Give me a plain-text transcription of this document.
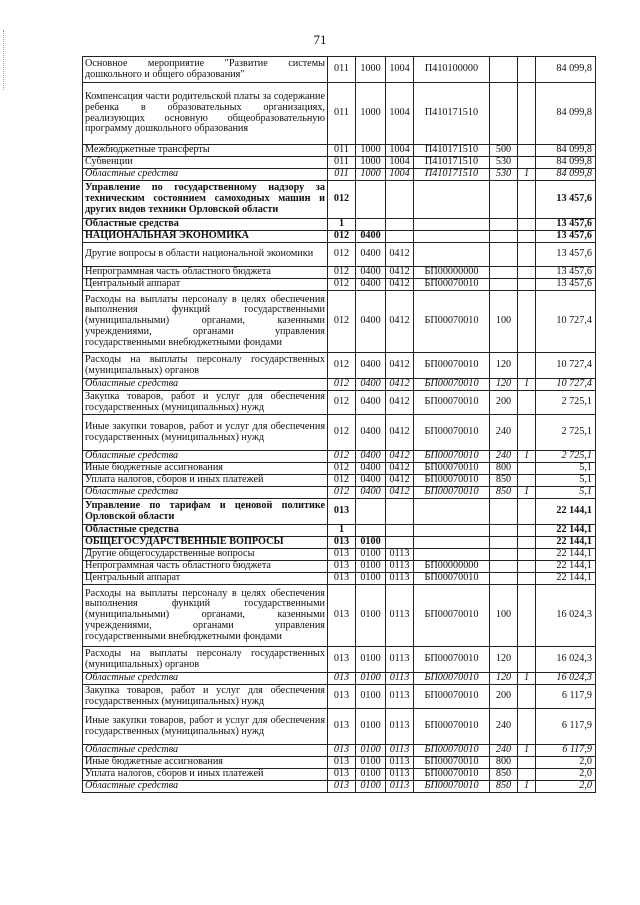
71
Основное мероприятие "Развитие системы дошкольного и общего образования"	011	1000	1004	П410100000			84 099,8
Компенсация части родительской платы за содержание ребенка в образовательных организациях, реализующих основную общеобразовательную программу дошкольного образования	011	1000	1004	П410171510			84 099,8
Межбюджетные трансферты	011	1000	1004	П410171510	500		84 099,8
Субвенции	011	1000	1004	П410171510	530		84 099,8
Областные средства	011	1000	1004	П410171510	530	1	84 099,8
Управление по государственному надзору за техническим состоянием самоходных машин и других видов техники Орловской области	012						13 457,6
Областные средства	1						13 457,6
НАЦИОНАЛЬНАЯ ЭКОНОМИКА	012	0400					13 457,6
Другие вопросы в области национальной экономики	012	0400	0412				13 457,6
Непрограммная часть областного бюджета	012	0400	0412	БП00000000			13 457,6
Центральный аппарат	012	0400	0412	БП00070010			13 457,6
Расходы на выплаты персоналу в целях обеспечения выполнения функций государственными (муниципальными) органами, казенными учреждениями, органами управления государственными внебюджетными фондами	012	0400	0412	БП00070010	100		10 727,4
Расходы на выплаты персоналу государственных (муниципальных) органов	012	0400	0412	БП00070010	120		10 727,4
Областные средства	012	0400	0412	БП00070010	120	1	10 727,4
Закупка товаров, работ и услуг для обеспечения государственных (муниципальных) нужд	012	0400	0412	БП00070010	200		2 725,1
Иные закупки товаров, работ и услуг для обеспечения государственных (муниципальных) нужд	012	0400	0412	БП00070010	240		2 725,1
Областные средства	012	0400	0412	БП00070010	240	1	2 725,1
Иные бюджетные ассигнования	012	0400	0412	БП00070010	800		5,1
Уплата налогов, сборов и иных платежей	012	0400	0412	БП00070010	850		5,1
Областные средства	012	0400	0412	БП00070010	850	1	5,1
Управление по тарифам и ценовой политике Орловской области	013						22 144,1
Областные средства	1						22 144,1
ОБЩЕГОСУДАРСТВЕННЫЕ ВОПРОСЫ	013	0100					22 144,1
Другие общегосударственные вопросы	013	0100	0113				22 144,1
Непрограммная часть областного бюджета	013	0100	0113	БП00000000			22 144,1
Центральный аппарат	013	0100	0113	БП00070010			22 144,1
Расходы на выплаты персоналу в целях обеспечения выполнения функций государственными (муниципальными) органами, казенными учреждениями, органами управления государственными внебюджетными фондами	013	0100	0113	БП00070010	100		16 024,3
Расходы на выплаты персоналу государственных (муниципальных) органов	013	0100	0113	БП00070010	120		16 024,3
Областные средства	013	0100	0113	БП00070010	120	1	16 024,3
Закупка товаров, работ и услуг для обеспечения государственных (муниципальных) нужд	013	0100	0113	БП00070010	200		6 117,9
Иные закупки товаров, работ и услуг для обеспечения государственных (муниципальных) нужд	013	0100	0113	БП00070010	240		6 117,9
Областные средства	013	0100	0113	БП00070010	240	1	6 117,9
Иные бюджетные ассигнования	013	0100	0113	БП00070010	800		2,0
Уплата налогов, сборов и иных платежей	013	0100	0113	БП00070010	850		2,0
Областные средства	013	0100	0113	БП00070010	850	1	2,0
